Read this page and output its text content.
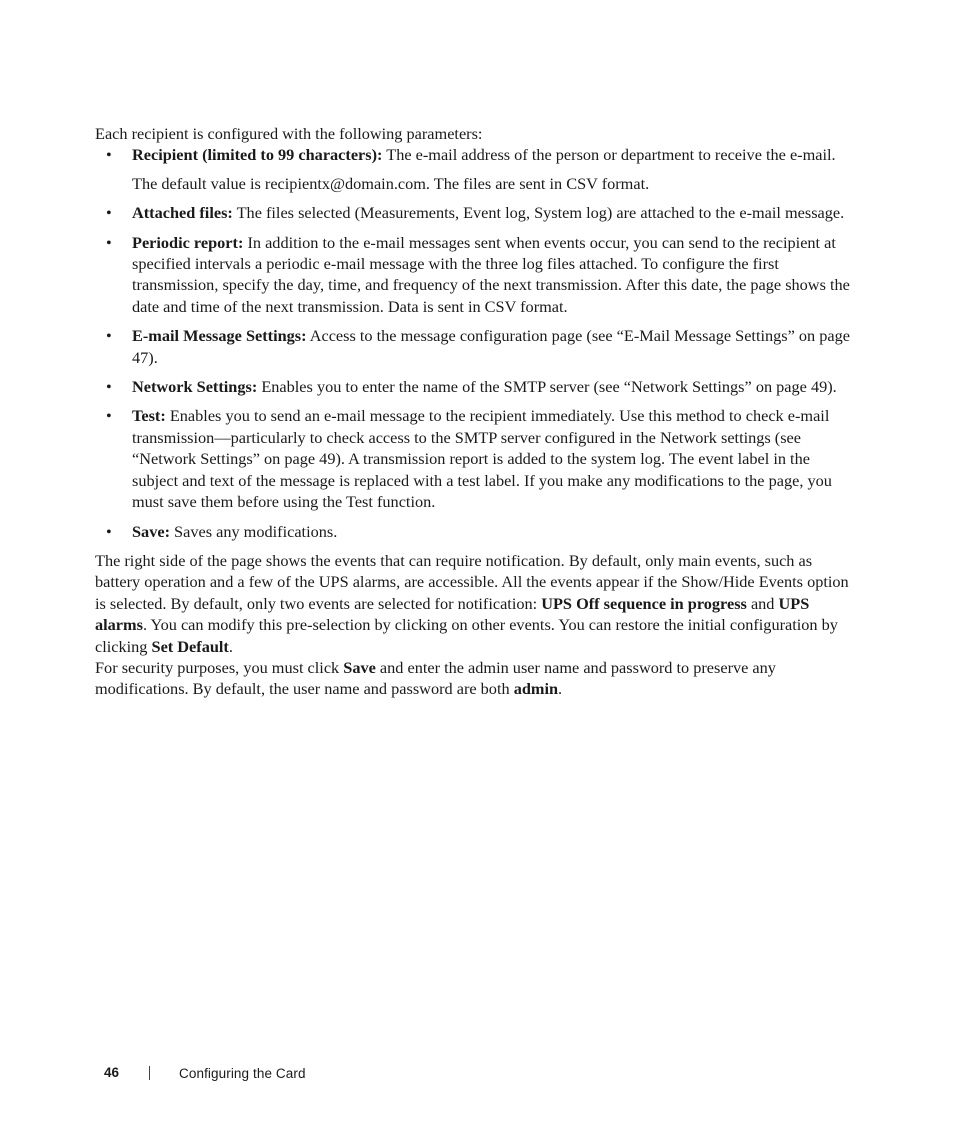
Each recipient is configured with the following parameters:

• Recipient (limited to 99 characters): The e-mail address of the person or department to receive the e-mail.

The default value is recipientx@domain.com. The files are sent in CSV format.

• Attached files: The files selected (Measurements, Event log, System log) are attached to the e-mail message.

• Periodic report: In addition to the e-mail messages sent when events occur, you can send to the recipient at specified intervals a periodic e-mail message with the three log files attached. To configure the first transmission, specify the day, time, and frequency of the next transmission. After this date, the page shows the date and time of the next transmission. Data is sent in CSV format.

• E-mail Message Settings: Access to the message configuration page (see “E-Mail Message Settings” on page 47).

• Network Settings: Enables you to enter the name of the SMTP server (see “Network Settings” on page 49).

• Test: Enables you to send an e-mail message to the recipient immediately. Use this method to check e-mail transmission—particularly to check access to the SMTP server configured in the Network settings (see “Network Settings” on page 49). A transmission report is added to the system log. The event label in the subject and text of the message is replaced with a test label. If you make any modifications to the page, you must save them before using the Test function.

• Save: Saves any modifications.

The right side of the page shows the events that can require notification. By default, only main events, such as battery operation and a few of the UPS alarms, are accessible. All the events appear if the Show/Hide Events option is selected. By default, only two events are selected for notification: UPS Off sequence in progress and UPS alarms. You can modify this pre-selection by clicking on other events. You can restore the initial configuration by clicking Set Default.

For security purposes, you must click Save and enter the admin user name and password to preserve any modifications. By default, the user name and password are both admin.

46	Configuring the Card
